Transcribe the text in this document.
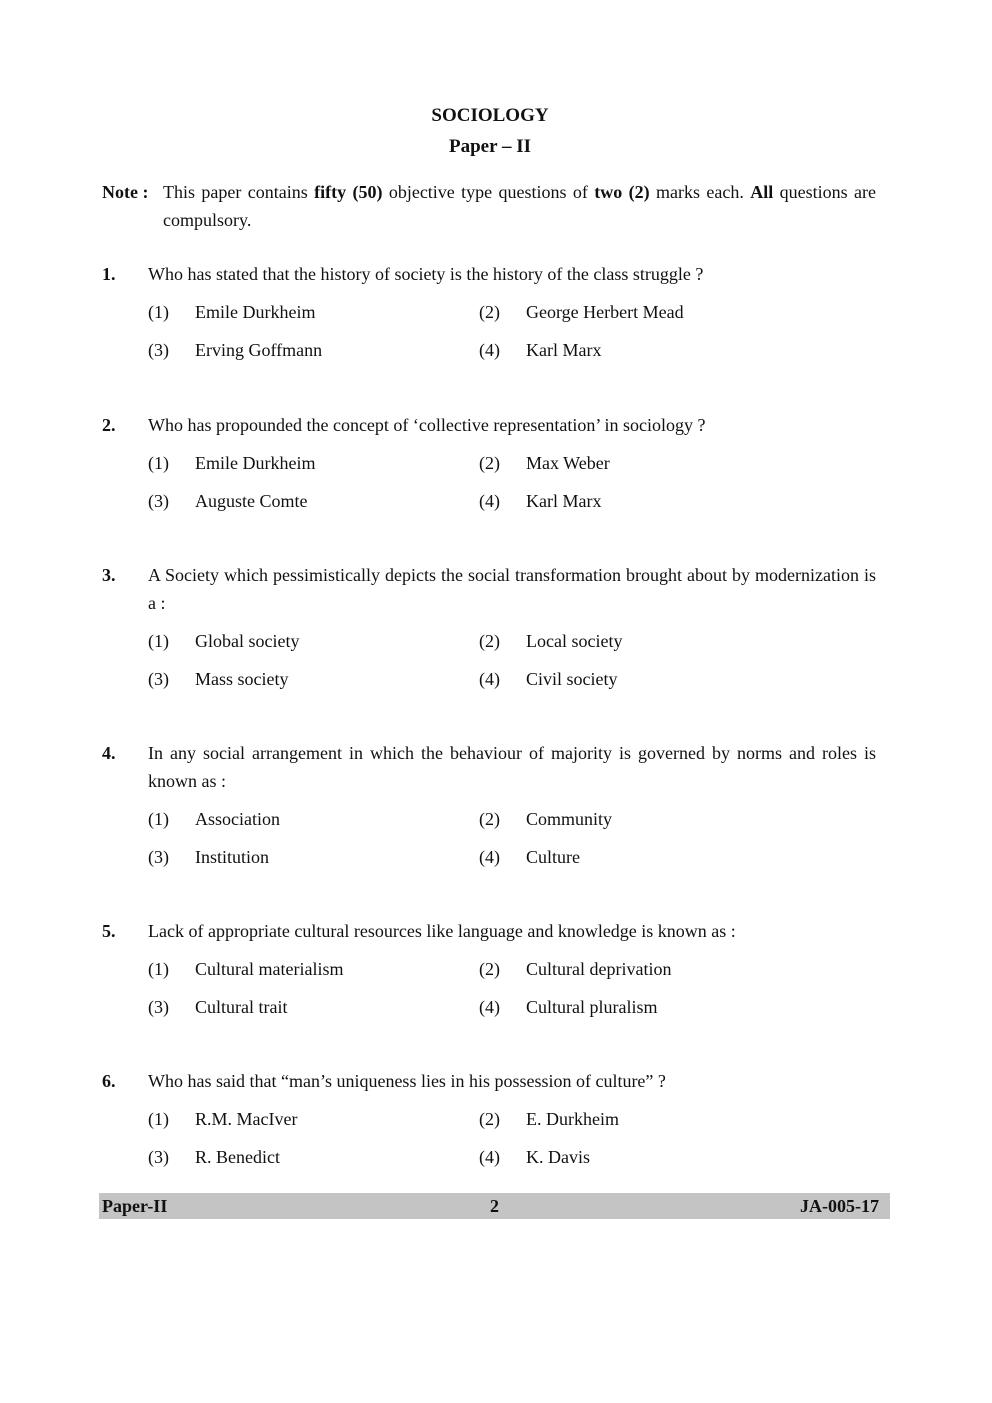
SOCIOLOGY
Paper – II
Note : This paper contains fifty (50) objective type questions of two (2) marks each. All questions are compulsory.
1. Who has stated that the history of society is the history of the class struggle ?
(1) Emile Durkheim	(2) George Herbert Mead
(3) Erving Goffmann	(4) Karl Marx
2. Who has propounded the concept of ‘collective representation’ in sociology ?
(1) Emile Durkheim	(2) Max Weber
(3) Auguste Comte	(4) Karl Marx
3. A Society which pessimistically depicts the social transformation brought about by modernization is a :
(1) Global society	(2) Local society
(3) Mass society	(4) Civil society
4. In any social arrangement in which the behaviour of majority is governed by norms and roles is known as :
(1) Association	(2) Community
(3) Institution	(4) Culture
5. Lack of appropriate cultural resources like language and knowledge is known as :
(1) Cultural materialism	(2) Cultural deprivation
(3) Cultural trait	(4) Cultural pluralism
6. Who has said that “man’s uniqueness lies in his possession of culture” ?
(1) R.M. MacIver	(2) E. Durkheim
(3) R. Benedict	(4) K. Davis
Paper-II	2	JA-005-17
